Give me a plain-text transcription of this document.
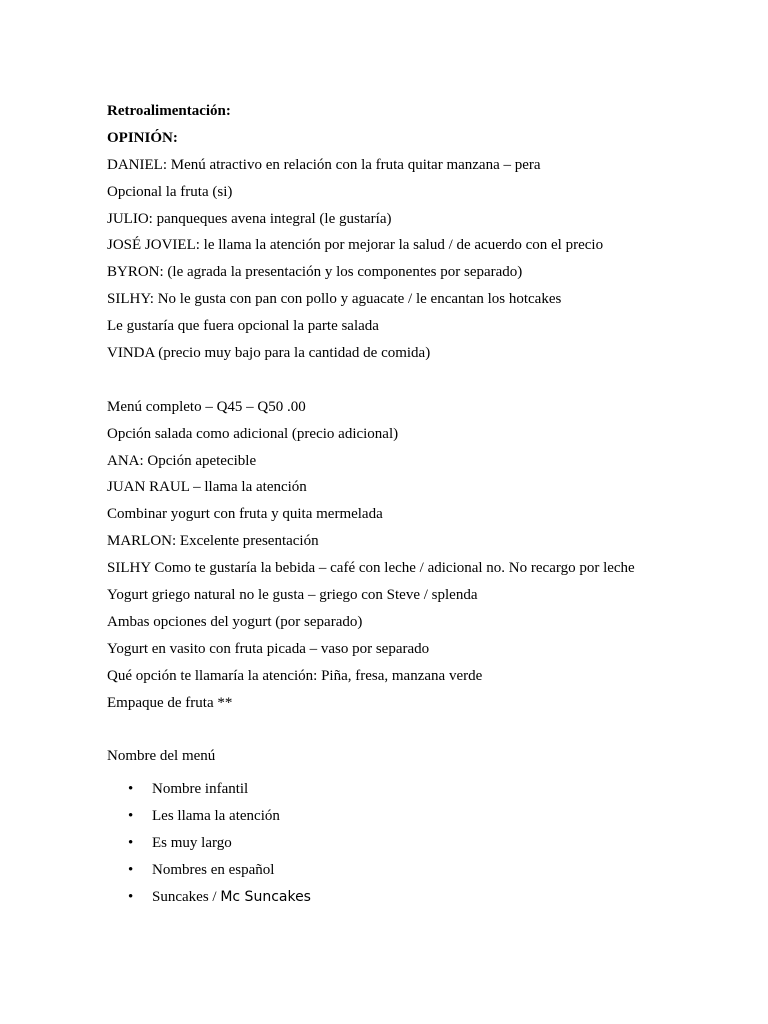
Retroalimentación:
OPINIÓN:
DANIEL: Menú atractivo en relación con la fruta quitar manzana – pera
Opcional la fruta (si)
JULIO: panqueques avena integral (le gustaría)
JOSÉ JOVIEL: le llama la atención por mejorar la salud / de acuerdo con el precio
BYRON: (le agrada la presentación y los componentes por separado)
SILHY: No le gusta con pan con pollo y aguacate / le encantan los hotcakes
Le gustaría que fuera opcional la parte salada
VINDA (precio muy bajo para la cantidad de comida)
Menú completo – Q45 – Q50 .00
Opción salada como adicional (precio adicional)
ANA: Opción apetecible
JUAN RAUL – llama la atención
Combinar yogurt con fruta y quita mermelada
MARLON: Excelente presentación
SILHY Como te gustaría la bebida – café con leche / adicional no. No recargo por leche
Yogurt griego natural no le gusta – griego con Steve / splenda
Ambas opciones del yogurt (por separado)
Yogurt en vasito con fruta picada – vaso por separado
Qué opción te llamaría la atención: Piña, fresa, manzana verde
Empaque de fruta **
Nombre del menú
• Nombre infantil
• Les llama la atención
• Es muy largo
• Nombres en español
• Suncakes / Mc Suncakes
